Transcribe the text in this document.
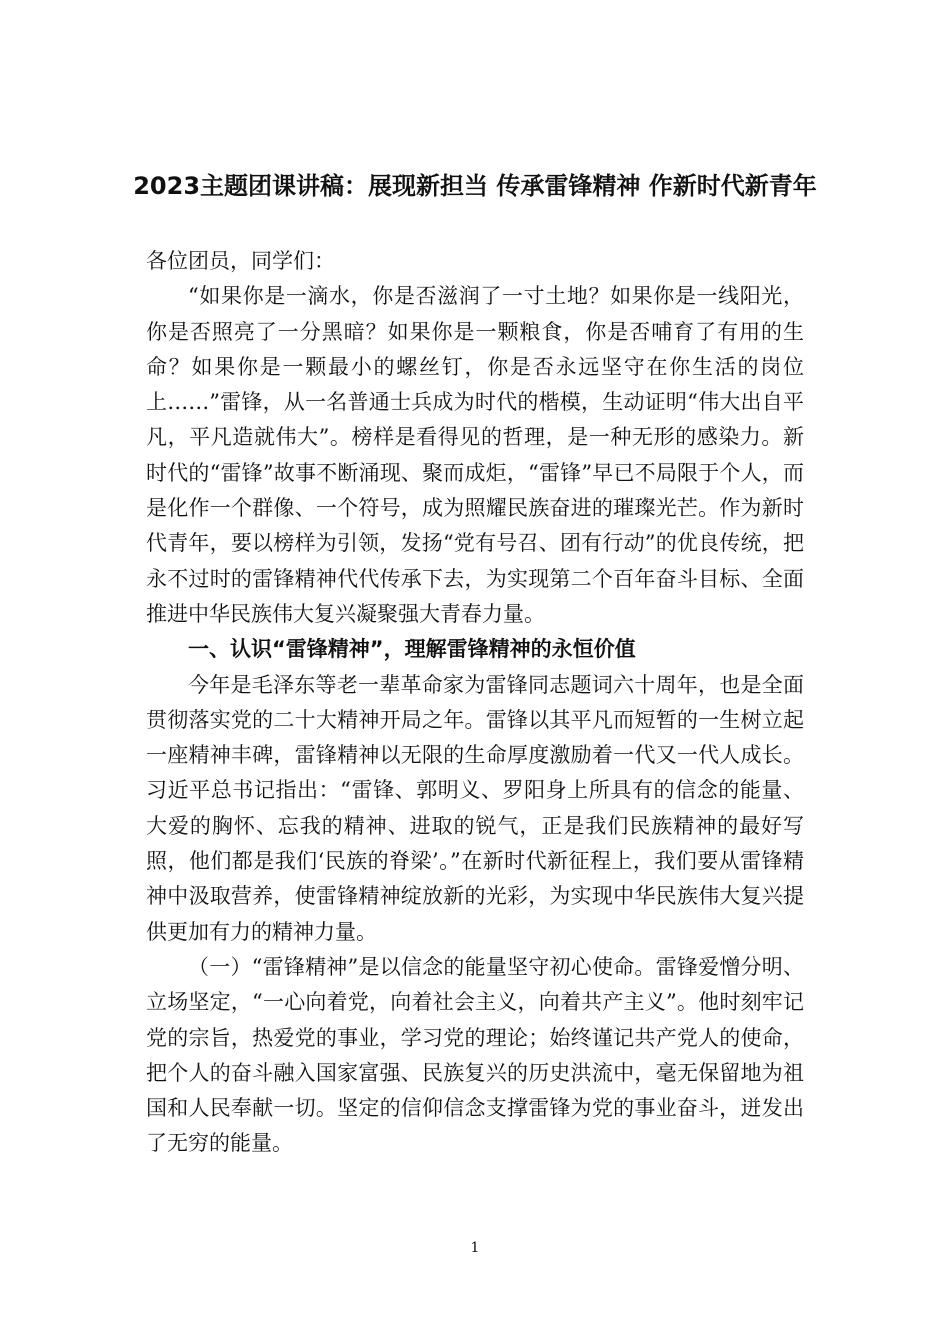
2023主题团课讲稿：展现新担当 传承雷锋精神 作新时代新青年

各位团员，同学们：

“如果你是一滴水，你是否滋润了一寸土地？如果你是一线阳光，你是否照亮了一分黑暗？如果你是一颗粮食，你是否哺育了有用的生命？如果你是一颗最小的螺丝钉，你是否永远坚守在你生活的岗位上……”雷锋，从一名普通士兵成为时代的楷模，生动证明“伟大出自平凡，平凡造就伟大”。榜样是看得见的哲理，是一种无形的感染力。新时代的“雷锋”故事不断涌现、聚而成炬，“雷锋”早已不局限于个人，而是化作一个群像、一个符号，成为照耀民族奋进的璀璨光芒。作为新时代青年，要以榜样为引领，发扬“党有号召、团有行动”的优良传统，把永不过时的雷锋精神代代传承下去，为实现第二个百年奋斗目标、全面推进中华民族伟大复兴凝聚强大青春力量。

一、认识“雷锋精神”，理解雷锋精神的永恒价值

今年是毛泽东等老一辈革命家为雷锋同志题词六十周年，也是全面贯彻落实党的二十大精神开局之年。雷锋以其平凡而短暂的一生树立起一座精神丰碑，雷锋精神以无限的生命厚度激励着一代又一代人成长。习近平总书记指出：“雷锋、郭明义、罗阳身上所具有的信念的能量、大爱的胸怀、忘我的精神、进取的锐气，正是我们民族精神的最好写照，他们都是我们‘民族的脊梁’。”在新时代新征程上，我们要从雷锋精神中汲取营养，使雷锋精神绽放新的光彩，为实现中华民族伟大复兴提供更加有力的精神力量。

（一）“雷锋精神”是以信念的能量坚守初心使命。雷锋爱憎分明、立场坚定，“一心向着党，向着社会主义，向着共产主义”。他时刻牢记党的宗旨，热爱党的事业，学习党的理论；始终谨记共产党人的使命，把个人的奋斗融入国家富强、民族复兴的历史洪流中，毫无保留地为祖国和人民奉献一切。坚定的信仰信念支撑雷锋为党的事业奋斗，迸发出了无穷的能量。

1
